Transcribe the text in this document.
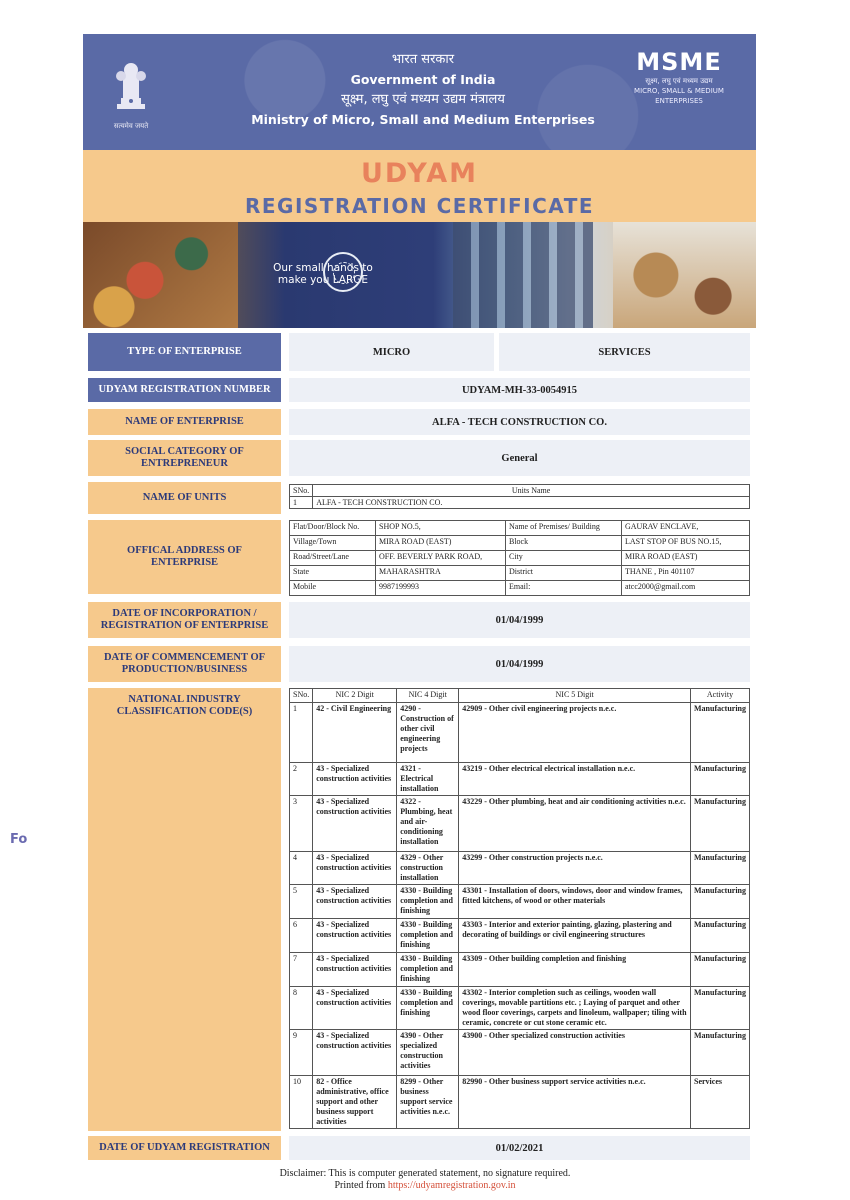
सत्यमेव जयते
भारत सरकार
Government of India
सूक्ष्म, लघु एवं मध्यम उद्यम मंत्रालय
Ministry of Micro, Small and Medium Enterprises
MSME
सूक्ष्म, लघु एवं मध्यम उद्यम
MICRO, SMALL & MEDIUM ENTERPRISES
UDYAM
REGISTRATION CERTIFICATE
Our small hands to
make you LARGE
TYPE OF ENTERPRISE	MICRO	SERVICES
UDYAM REGISTRATION NUMBER	UDYAM-MH-33-0054915
NAME OF ENTERPRISE	ALFA - TECH CONSTRUCTION CO.
SOCIAL CATEGORY OF ENTREPRENEUR	General
NAME OF UNITS
SNo.	Units Name
1	ALFA - TECH CONSTRUCTION CO.
OFFICAL ADDRESS OF ENTERPRISE
Flat/Door/Block No.	SHOP NO.5,	Name of Premises/ Building	GAURAV ENCLAVE,
Village/Town	MIRA ROAD (EAST)	Block	LAST STOP OF BUS NO.15,
Road/Street/Lane	OFF. BEVERLY PARK ROAD,	City	MIRA ROAD (EAST)
State	MAHARASHTRA	District	THANE , Pin 401107
Mobile	9987199993	Email:	atcc2000@gmail.com
DATE OF INCORPORATION / REGISTRATION OF ENTERPRISE	01/04/1999
DATE OF COMMENCEMENT OF PRODUCTION/BUSINESS	01/04/1999
NATIONAL INDUSTRY CLASSIFICATION CODE(S)
SNo.	NIC 2 Digit	NIC 4 Digit	NIC 5 Digit	Activity
1	42 - Civil Engineering	4290 - Construction of other civil engineering projects	42909 - Other civil engineering projects n.e.c.	Manufacturing
2	43 - Specialized construction activities	4321 - Electrical installation	43219 - Other electrical electrical installation n.e.c.	Manufacturing
3	43 - Specialized construction activities	4322 - Plumbing, heat and air-conditioning installation	43229 - Other plumbing, heat and air conditioning activities n.e.c.	Manufacturing
4	43 - Specialized construction activities	4329 - Other construction installation	43299 - Other construction projects n.e.c.	Manufacturing
5	43 - Specialized construction activities	4330 - Building completion and finishing	43301 - Installation of doors, windows, door and window frames, fitted kitchens, of wood or other materials	Manufacturing
6	43 - Specialized construction activities	4330 - Building completion and finishing	43303 - Interior and exterior painting, glazing, plastering and decorating of buildings or civil engineering structures	Manufacturing
7	43 - Specialized construction activities	4330 - Building completion and finishing	43309 - Other building completion and finishing	Manufacturing
8	43 - Specialized construction activities	4330 - Building completion and finishing	43302 - Interior completion such as ceilings, wooden wall coverings, movable partitions etc. ; Laying of parquet and other wood floor coverings, carpets and linoleum, wallpaper; tiling with ceramic, concrete or cut stone ceramic etc.	Manufacturing
9	43 - Specialized construction activities	4390 - Other specialized construction activities	43900 - Other specialized construction activities	Manufacturing
10	82 - Office administrative, office support and other business support activities	8299 - Other business support service activities n.e.c.	82990 - Other business support service activities n.e.c.	Services
DATE OF UDYAM REGISTRATION	01/02/2021
Fo
Disclaimer: This is computer generated statement, no signature required.
Printed from https://udyamregistration.gov.in
